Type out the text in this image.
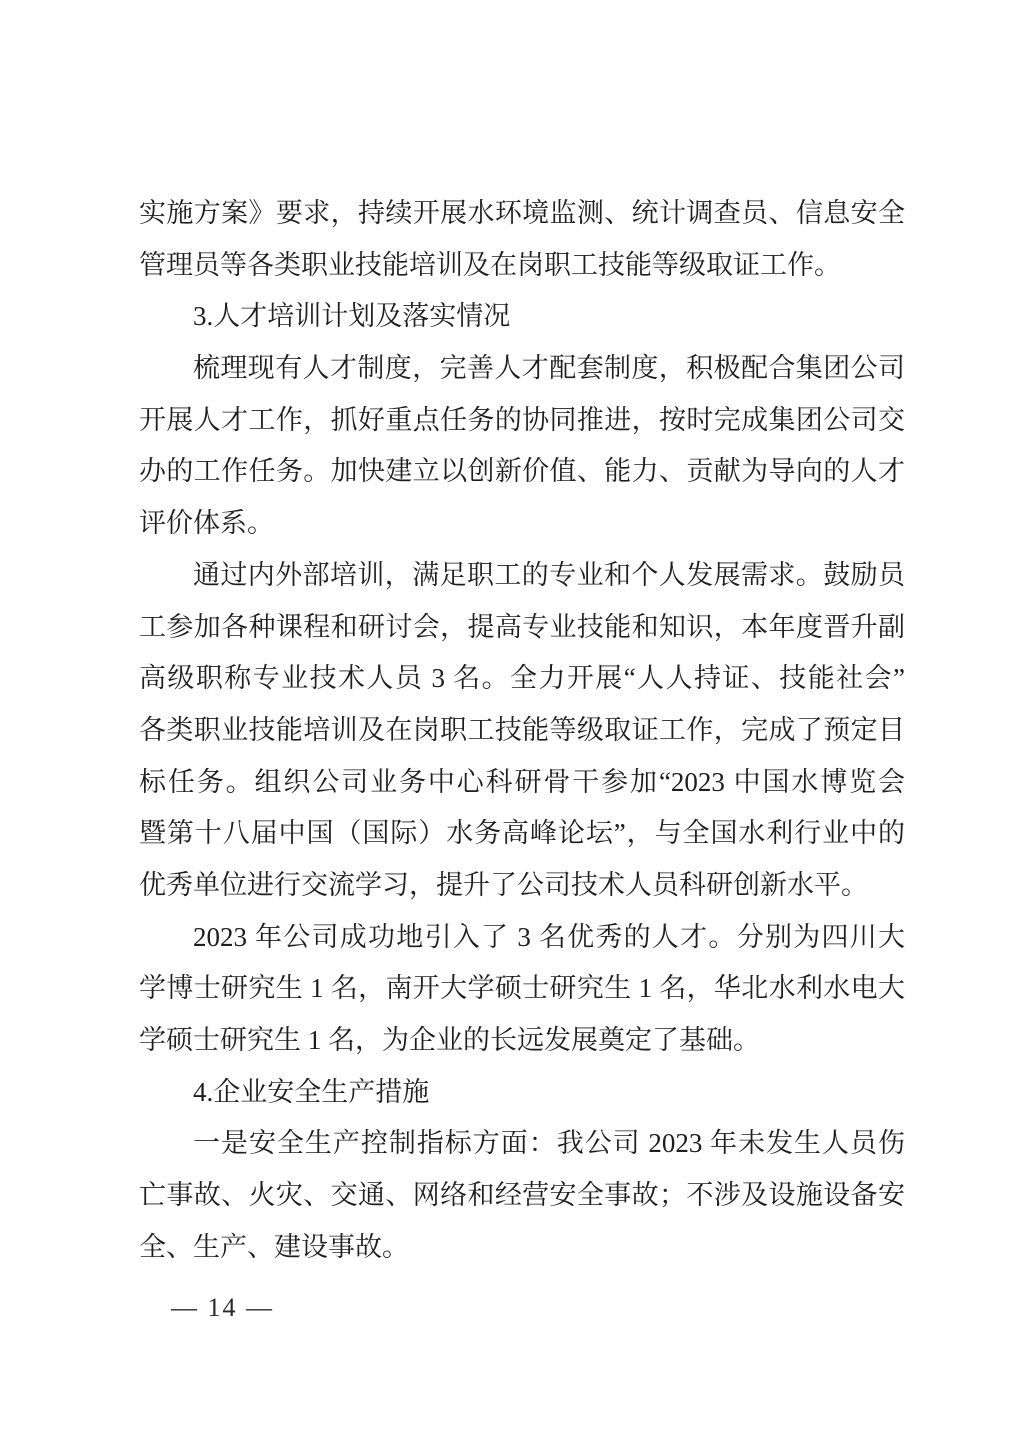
实施方案》要求，持续开展水环境监测、统计调查员、信息安全
管理员等各类职业技能培训及在岗职工技能等级取证工作。
3.人才培训计划及落实情况
梳理现有人才制度，完善人才配套制度，积极配合集团公司
开展人才工作，抓好重点任务的协同推进，按时完成集团公司交
办的工作任务。加快建立以创新价值、能力、贡献为导向的人才
评价体系。
通过内外部培训，满足职工的专业和个人发展需求。鼓励员
工参加各种课程和研讨会，提高专业技能和知识，本年度晋升副
高级职称专业技术人员 3 名。全力开展“人人持证、技能社会”
各类职业技能培训及在岗职工技能等级取证工作，完成了预定目
标任务。组织公司业务中心科研骨干参加“2023 中国水博览会
暨第十八届中国（国际）水务高峰论坛”，与全国水利行业中的
优秀单位进行交流学习，提升了公司技术人员科研创新水平。
2023 年公司成功地引入了 3 名优秀的人才。分别为四川大
学博士研究生 1 名，南开大学硕士研究生 1 名，华北水利水电大
学硕士研究生 1 名，为企业的长远发展奠定了基础。
4.企业安全生产措施
一是安全生产控制指标方面：我公司 2023 年未发生人员伤
亡事故、火灾、交通、网络和经营安全事故；不涉及设施设备安
全、生产、建设事故。
— 14 —
